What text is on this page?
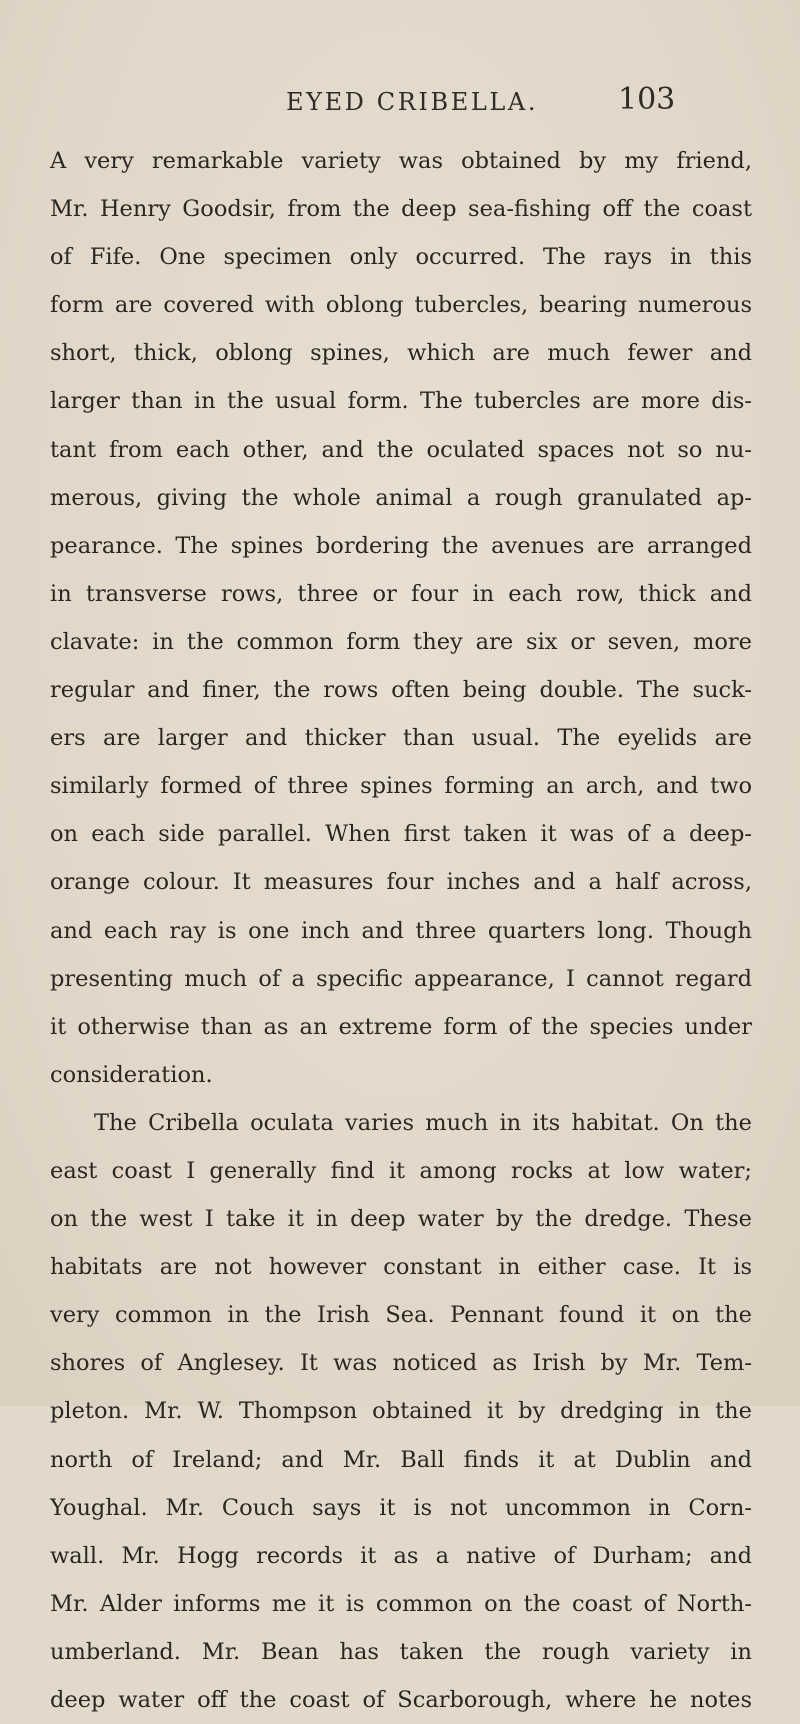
EYED CRIBELLA.	103
A very remarkable variety was obtained by my friend,
Mr. Henry Goodsir, from the deep sea-fishing off the coast
of Fife. One specimen only occurred. The rays in this
form are covered with oblong tubercles, bearing numerous
short, thick, oblong spines, which are much fewer and
larger than in the usual form. The tubercles are more dis-
tant from each other, and the oculated spaces not so nu-
merous, giving the whole animal a rough granulated ap-
pearance. The spines bordering the avenues are arranged
in transverse rows, three or four in each row, thick and
clavate: in the common form they are six or seven, more
regular and finer, the rows often being double. The suck-
ers are larger and thicker than usual. The eyelids are
similarly formed of three spines forming an arch, and two
on each side parallel. When first taken it was of a deep-
orange colour. It measures four inches and a half across,
and each ray is one inch and three quarters long. Though
presenting much of a specific appearance, I cannot regard
it otherwise than as an extreme form of the species under
consideration.
The Cribella oculata varies much in its habitat. On the
east coast I generally find it among rocks at low water;
on the west I take it in deep water by the dredge. These
habitats are not however constant in either case. It is
very common in the Irish Sea. Pennant found it on the
shores of Anglesey. It was noticed as Irish by Mr. Tem-
pleton. Mr. W. Thompson obtained it by dredging in the
north of Ireland; and Mr. Ball finds it at Dublin and
Youghal. Mr. Couch says it is not uncommon in Corn-
wall. Mr. Hogg records it as a native of Durham; and
Mr. Alder informs me it is common on the coast of North-
umberland. Mr. Bean has taken the rough variety in
deep water off the coast of Scarborough, where he notes
